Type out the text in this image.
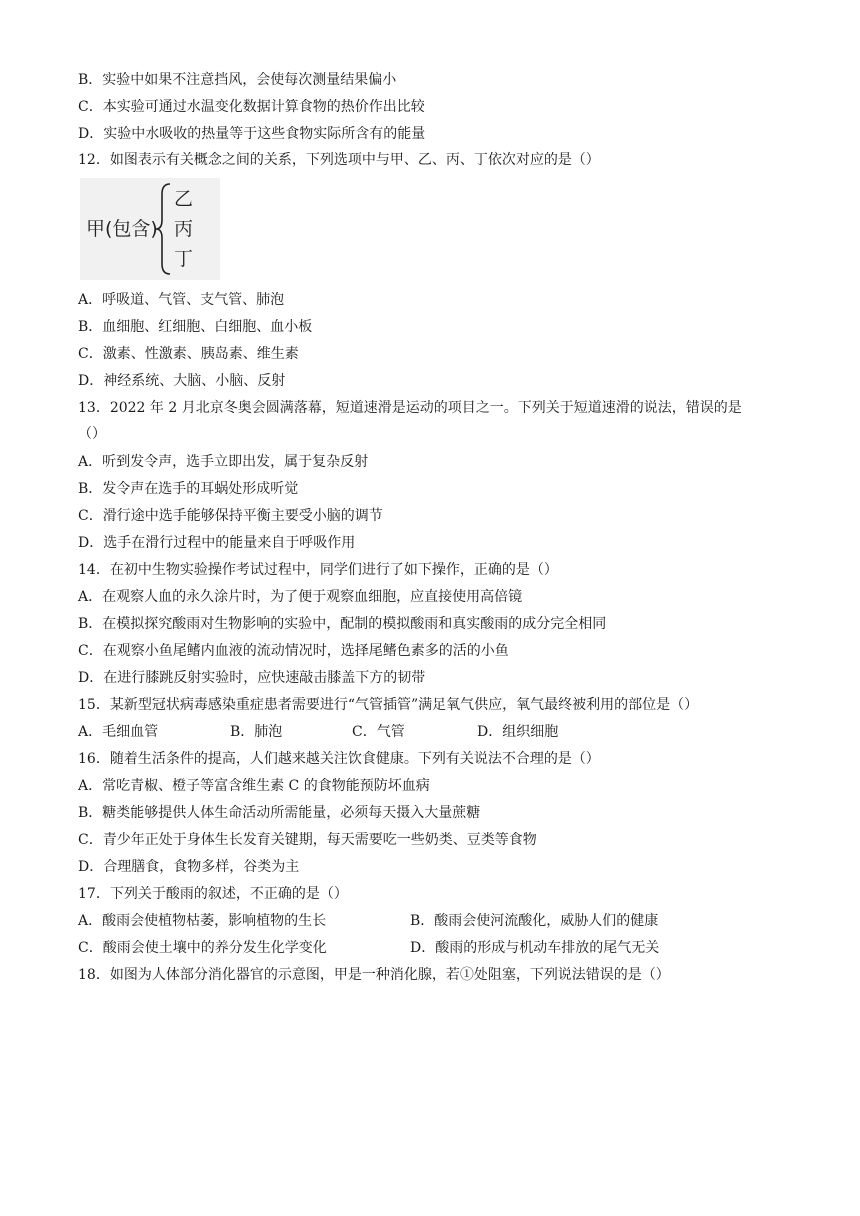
B．实验中如果不注意挡风，会使每次测量结果偏小
C．本实验可通过水温变化数据计算食物的热价作出比较
D．实验中水吸收的热量等于这些食物实际所含有的能量
12．如图表示有关概念之间的关系，下列选项中与甲、乙、丙、丁依次对应的是（）
甲(包含)
乙
丙
丁
A．呼吸道、气管、支气管、肺泡
B．血细胞、红细胞、白细胞、血小板
C．激素、性激素、胰岛素、维生素
D．神经系统、大脑、小脑、反射
13．2022 年 2 月北京冬奥会圆满落幕，短道速滑是运动的项目之一。下列关于短道速滑的说法，错误的是
（）
A．听到发令声，选手立即出发，属于复杂反射
B．发令声在选手的耳蜗处形成听觉
C．滑行途中选手能够保持平衡主要受小脑的调节
D．选手在滑行过程中的能量来自于呼吸作用
14．在初中生物实验操作考试过程中，同学们进行了如下操作，正确的是（）
A．在观察人血的永久涂片时，为了便于观察血细胞，应直接使用高倍镜
B．在模拟探究酸雨对生物影响的实验中，配制的模拟酸雨和真实酸雨的成分完全相同
C．在观察小鱼尾鳍内血液的流动情况时，选择尾鳍色素多的活的小鱼
D．在进行膝跳反射实验时，应快速敲击膝盖下方的韧带
15．某新型冠状病毒感染重症患者需要进行“气管插管”满足氧气供应，氧气最终被利用的部位是（）
A．毛细血管	B．肺泡	C．气管	D．组织细胞
16．随着生活条件的提高，人们越来越关注饮食健康。下列有关说法不合理的是（）
A．常吃青椒、橙子等富含维生素 C 的食物能预防坏血病
B．糖类能够提供人体生命活动所需能量，必须每天摄入大量蔗糖
C．青少年正处于身体生长发育关键期，每天需要吃一些奶类、豆类等食物
D．合理膳食，食物多样，谷类为主
17．下列关于酸雨的叙述，不正确的是（）
A．酸雨会使植物枯萎，影响植物的生长	B．酸雨会使河流酸化，威胁人们的健康
C．酸雨会使土壤中的养分发生化学变化	D．酸雨的形成与机动车排放的尾气无关
18．如图为人体部分消化器官的示意图，甲是一种消化腺，若①处阻塞，下列说法错误的是（）
